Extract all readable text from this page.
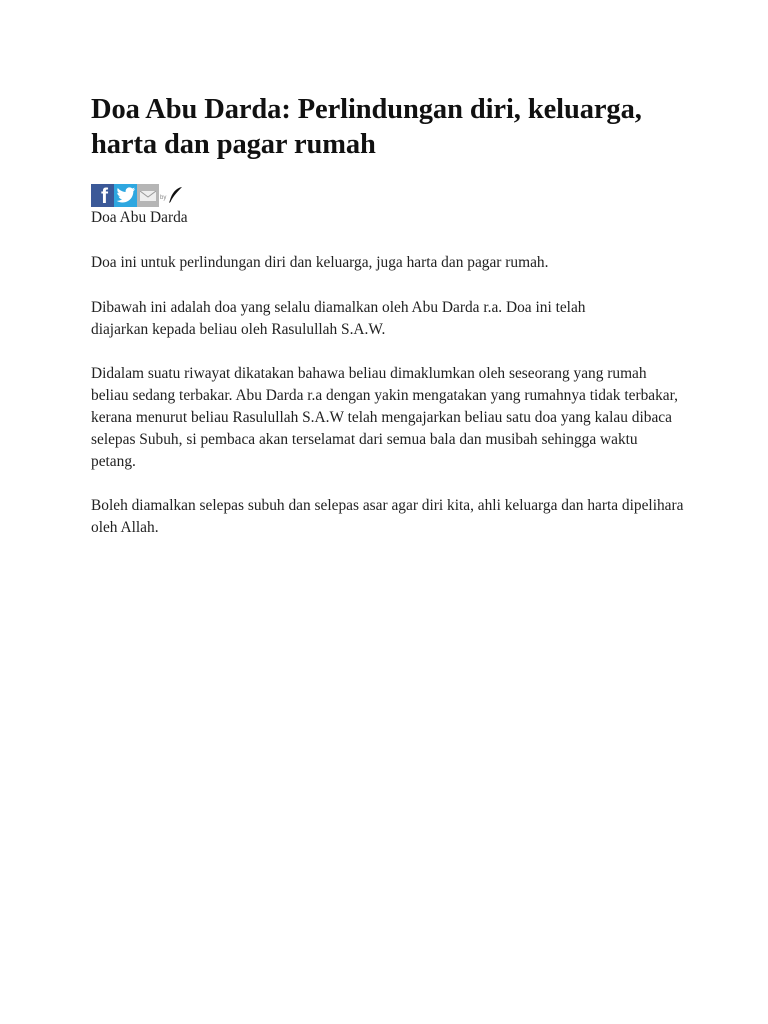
Doa Abu Darda: Perlindungan diri, keluarga, harta dan pagar rumah
f	by

Doa Abu Darda

Doa ini untuk perlindungan diri dan keluarga, juga harta dan pagar rumah.

Dibawah ini adalah doa yang selalu diamalkan oleh Abu Darda r.a. Doa ini telah diajarkan kepada beliau oleh Rasulullah S.A.W.

Didalam suatu riwayat dikatakan bahawa beliau dimaklumkan oleh seseorang yang rumah beliau sedang terbakar. Abu Darda r.a dengan yakin mengatakan yang rumahnya tidak terbakar, kerana menurut beliau Rasulullah S.A.W telah mengajarkan beliau satu doa yang kalau dibaca selepas Subuh, si pembaca akan terselamat dari semua bala dan musibah sehingga waktu petang.

Boleh diamalkan selepas subuh dan selepas asar agar diri kita, ahli keluarga dan harta dipelihara oleh Allah.
